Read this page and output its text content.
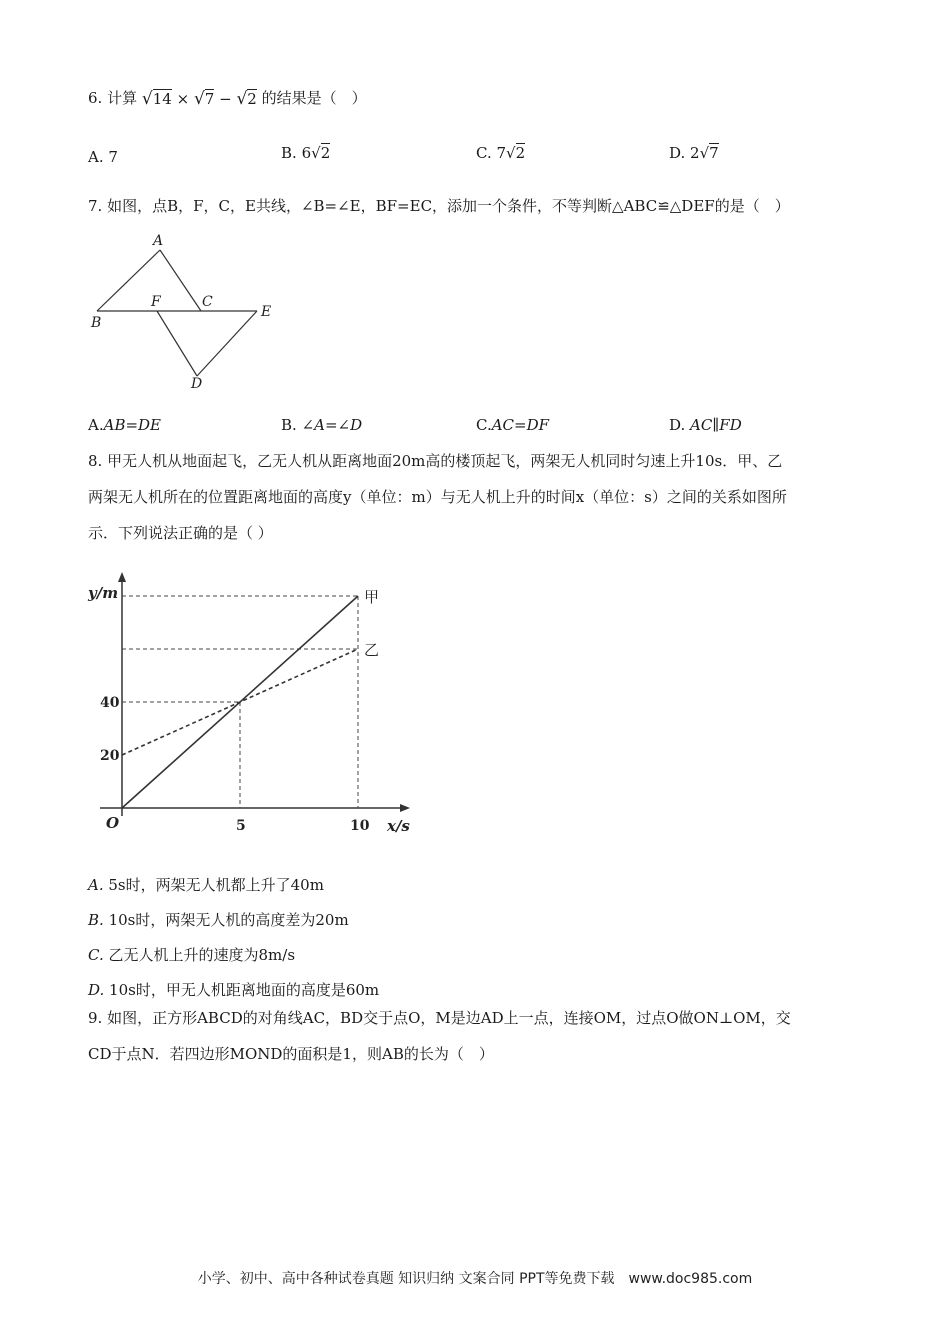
6. 计算 √14 × √7 − √2 的结果是（　）
A. 7	B. 6√2	C. 7√2	D. 2√7
7. 如图，点B，F，C，E共线，∠B=∠E，BF=EC，添加一个条件，不等判断△ABC≌△DEF的是（　）
A
B
F	C
E
D
A.AB=DE	B. ∠A=∠D	C.AC=DF	D. AC∥FD
8. 甲无人机从地面起飞，乙无人机从距离地面20m高的楼顶起飞，两架无人机同时匀速上升10s．甲、乙
两架无人机所在的位置距离地面的高度y（单位：m）与无人机上升的时间x（单位：s）之间的关系如图所
示．下列说法正确的是（ ）
甲
乙
20
40
5	10
O	x/s
y/m
A. 5s时，两架无人机都上升了40m
B. 10s时，两架无人机的高度差为20m
C. 乙无人机上升的速度为8m/s
D. 10s时，甲无人机距离地面的高度是60m
9. 如图，正方形ABCD的对角线AC，BD交于点O，M是边AD上一点，连接OM，过点O做ON⊥OM，交
CD于点N．若四边形MOND的面积是1，则AB的长为（　）
小学、初中、高中各种试卷真题 知识归纳 文案合同 PPT等免费下载　www.doc985.com
